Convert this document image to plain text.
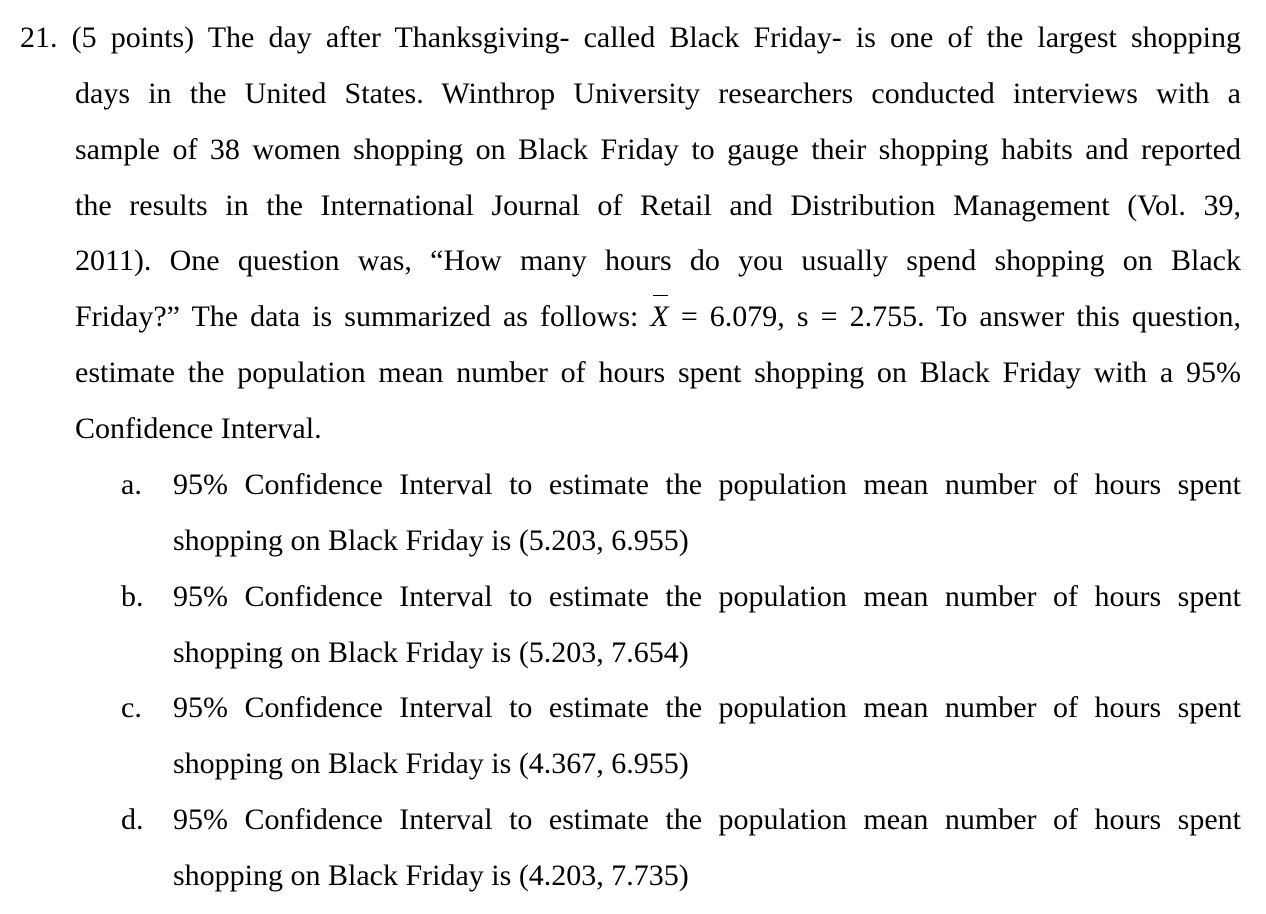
21. (5 points) The day after Thanksgiving- called Black Friday- is one of the largest shopping
days in the United States. Winthrop University researchers conducted interviews with a
sample of 38 women shopping on Black Friday to gauge their shopping habits and reported
the results in the International Journal of Retail and Distribution Management (Vol. 39,
2011). One question was, “How many hours do you usually spend shopping on Black
Friday?” The data is summarized as follows: X = 6.079, s = 2.755. To answer this question,
estimate the population mean number of hours spent shopping on Black Friday with a 95%
Confidence Interval.
a. 95% Confidence Interval to estimate the population mean number of hours spent
shopping on Black Friday is (5.203, 6.955)
b. 95% Confidence Interval to estimate the population mean number of hours spent
shopping on Black Friday is (5.203, 7.654)
c. 95% Confidence Interval to estimate the population mean number of hours spent
shopping on Black Friday is (4.367, 6.955)
d. 95% Confidence Interval to estimate the population mean number of hours spent
shopping on Black Friday is (4.203, 7.735)
